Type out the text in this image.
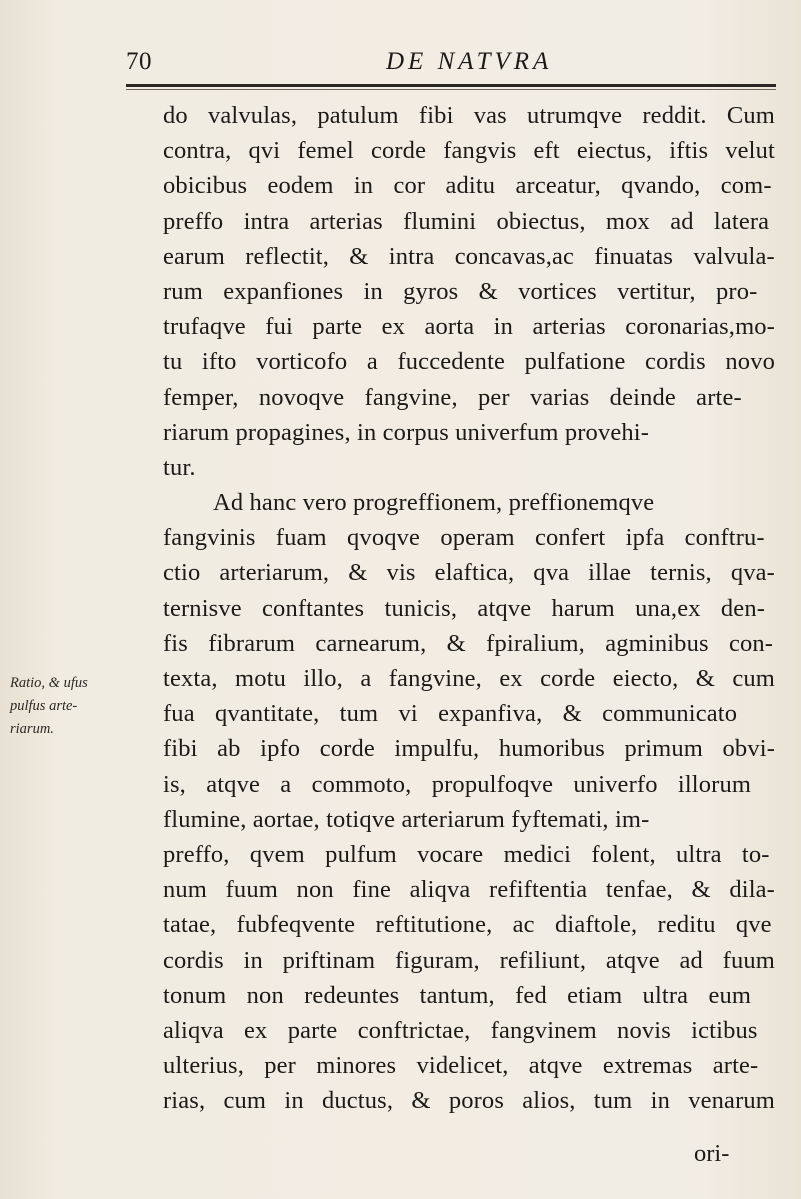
70	DE NATVRA
Ratio, & ufus
pulfus arte-
riarum.
do valvulas, patulum fibi vas utrumqve reddit. Cum
contra, qvi femel corde fangvis eft eiectus, iftis velut
obicibus eodem in cor aditu arceatur, qvando, com-
preffo intra arterias flumini obiectus, mox ad latera
earum reflectit, & intra concavas,ac finuatas valvula-
rum expanfiones in gyros & vortices vertitur, pro-
trufaqve fui parte ex aorta in arterias coronarias,mo-
tu ifto vorticofo a fuccedente pulfatione cordis novo
femper, novoqve fangvine, per varias deinde arte-
riarum propagines, in corpus univerfum provehi-
tur.
Ad hanc vero progreffionem, preffionemqve
fangvinis fuam qvoqve operam confert ipfa conftru-
ctio arteriarum, & vis elaftica, qva illae ternis, qva-
ternisve conftantes tunicis, atqve harum una,ex den-
fis fibrarum carnearum, & fpiralium, agminibus con-
texta, motu illo, a fangvine, ex corde eiecto, & cum
fua qvantitate, tum vi expanfiva, & communicato
fibi ab ipfo corde impulfu, humoribus primum obvi-
is, atqve a commoto, propulfoqve univerfo illorum
flumine, aortae, totiqve arteriarum fyftemati, im-
preffo, qvem pulfum vocare medici folent, ultra to-
num fuum non fine aliqva refiftentia tenfae, & dila-
tatae, fubfeqvente reftitutione, ac diaftole, reditu qve
cordis in priftinam figuram, refiliunt, atqve ad fuum
tonum non redeuntes tantum, fed etiam ultra eum
aliqva ex parte conftrictae, fangvinem novis ictibus
ulterius, per minores videlicet, atqve extremas arte-
rias, cum in ductus, & poros alios, tum in venarum
ori-
